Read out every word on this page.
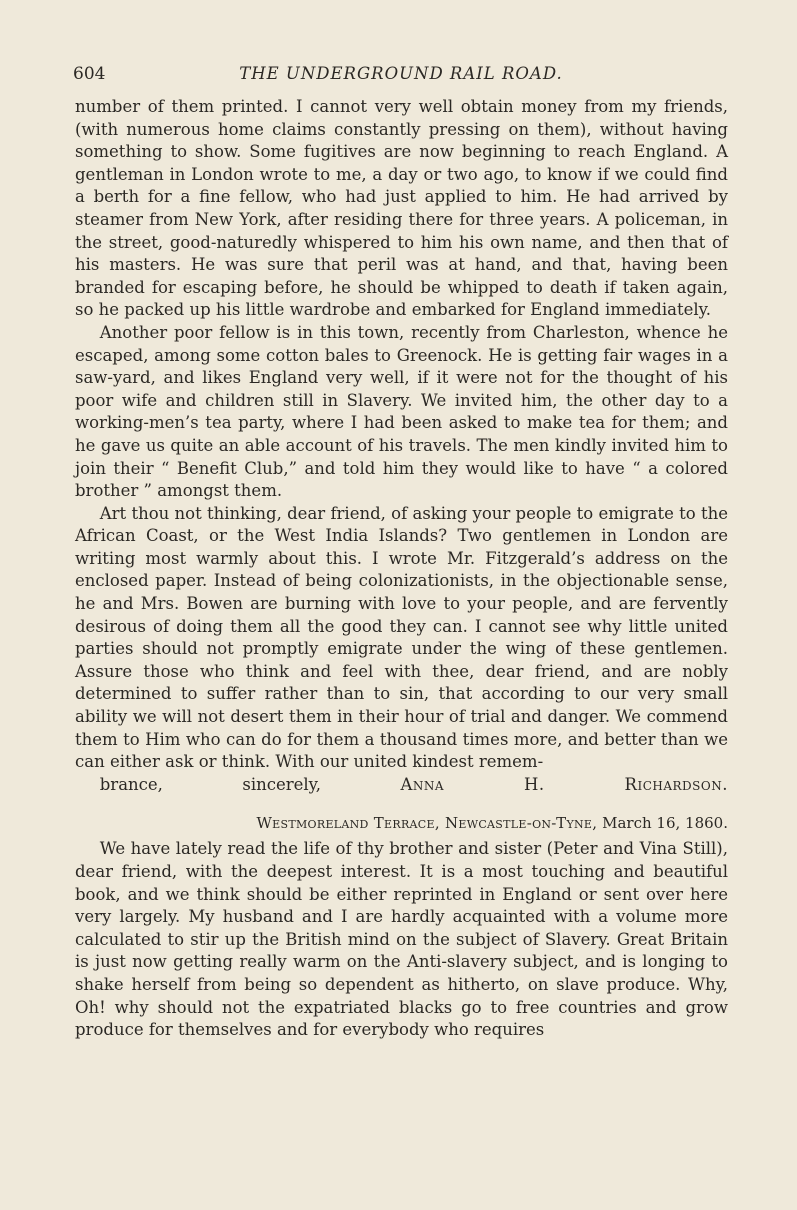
604	THE UNDERGROUND RAIL ROAD.

number of them printed. I cannot very well obtain money from my friends, (with numerous home claims constantly pressing on them), without having something to show. Some fugitives are now beginning to reach England. A gentleman in London wrote to me, a day or two ago, to know if we could find a berth for a fine fellow, who had just applied to him. He had arrived by steamer from New York, after residing there for three years. A policeman, in the street, good-naturedly whispered to him his own name, and then that of his masters. He was sure that peril was at hand, and that, having been branded for escaping before, he should be whipped to death if taken again, so he packed up his little wardrobe and embarked for England immediately.

Another poor fellow is in this town, recently from Charleston, whence he escaped, among some cotton bales to Greenock. He is getting fair wages in a saw-yard, and likes England very well, if it were not for the thought of his poor wife and children still in Slavery. We invited him, the other day to a working-men’s tea party, where I had been asked to make tea for them; and he gave us quite an able account of his travels. The men kindly invited him to join their “ Benefit Club,” and told him they would like to have “ a colored brother ” amongst them.

Art thou not thinking, dear friend, of asking your people to emigrate to the African Coast, or the West India Islands? Two gentlemen in London are writing most warmly about this. I wrote Mr. Fitzgerald’s address on the enclosed paper. Instead of being colonizationists, in the objectionable sense, he and Mrs. Bowen are burning with love to your people, and are fervently desirous of doing them all the good they can. I cannot see why little united parties should not promptly emigrate under the wing of these gentlemen. Assure those who think and feel with thee, dear friend, and are nobly determined to suffer rather than to sin, that according to our very small ability we will not desert them in their hour of trial and danger. We commend them to Him who can do for them a thousand times more, and better than we can either ask or think. With our united kindest remem-

brance, sincerely,	Anna H. Richardson.

Westmoreland Terrace, Newcastle-on-Tyne, March 16, 1860.

We have lately read the life of thy brother and sister (Peter and Vina Still), dear friend, with the deepest interest. It is a most touching and beautiful book, and we think should be either reprinted in England or sent over here very largely. My husband and I are hardly acquainted with a volume more calculated to stir up the British mind on the subject of Slavery. Great Britain is just now getting really warm on the Anti-slavery subject, and is longing to shake herself from being so dependent as hitherto, on slave produce. Why, Oh! why should not the expatriated blacks go to free countries and grow produce for themselves and for everybody who requires
